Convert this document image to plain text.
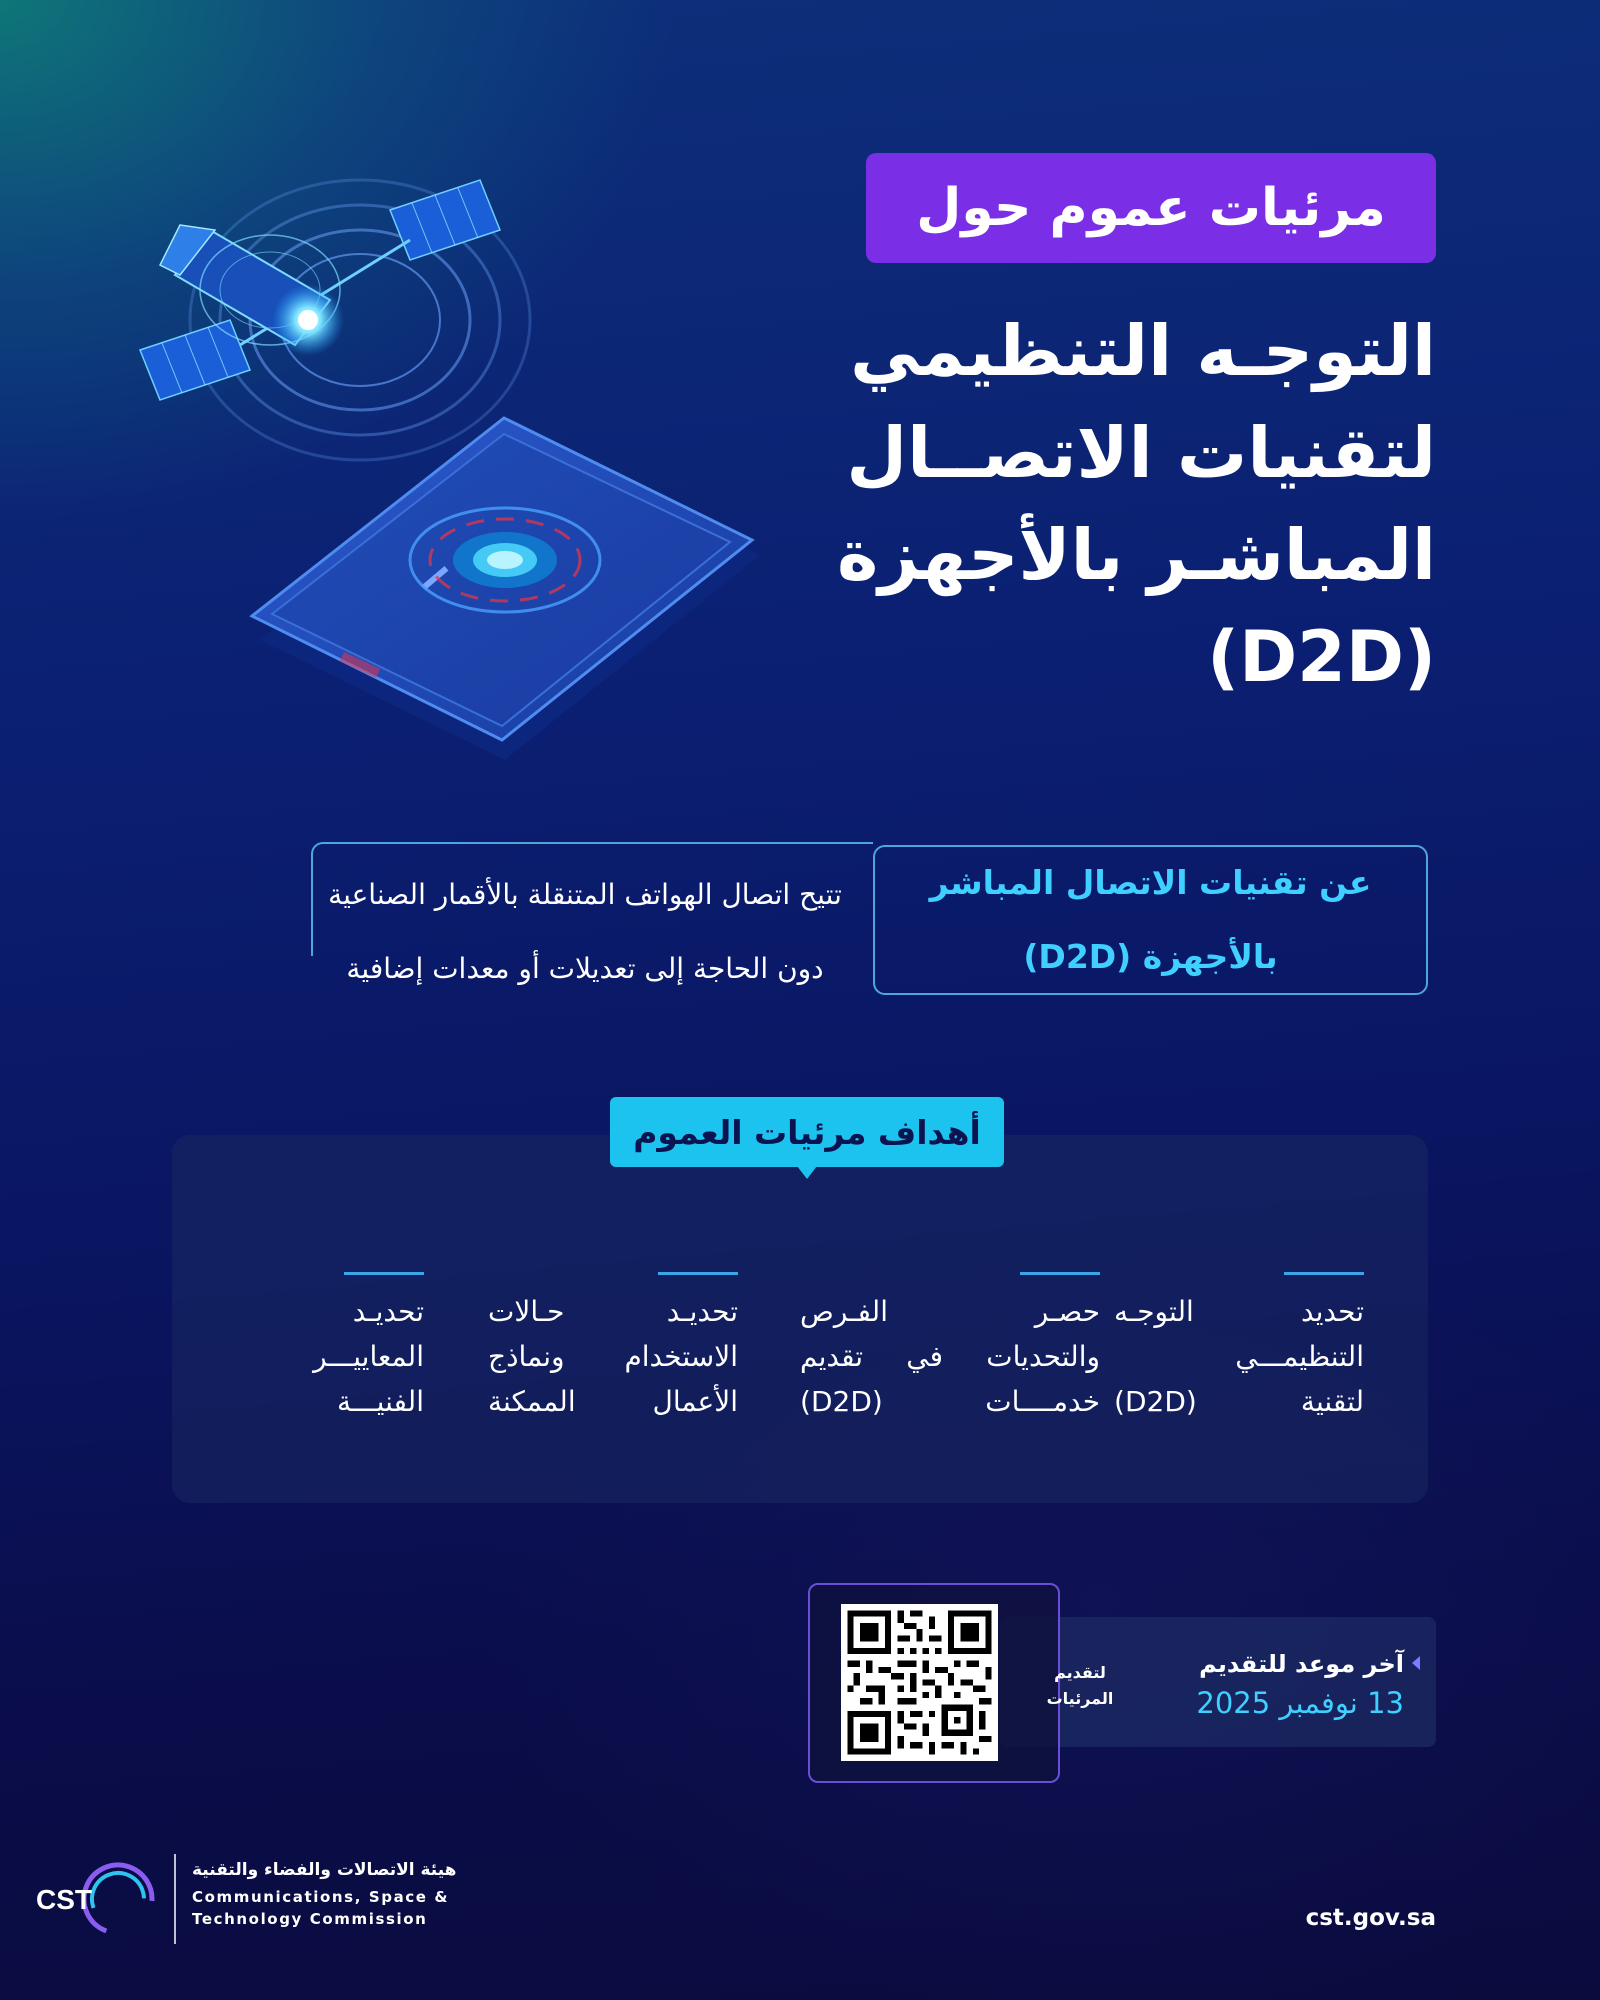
مرئيات عموم حول
التوجـه التنظيمي
لتقنيات الاتصــال
المباشـر بالأجهزة
(D2D)
تتيح اتصال الهواتف المتنقلة بالأقمار الصناعية
دون الحاجة إلى تعديلات أو معدات إضافية
عن تقنيات الاتصال المباشر
بالأجهزة (D2D)
أهداف مرئيات العموم
تحديد التوجـه
التنظيمـــي
لتقنية (D2D)
حصـر الفـرص
والتحديات في تقديم
خدمــــات (D2D)
تحديـد حـالات
الاستخدام ونماذج
الأعمال الممكنة
تحديـد
المعاييـــر
الفنيـــة
آخر موعد للتقديم
13 نوفمبر 2025
لتقديم
المرئيات
CST
هيئة الاتصالات والفضاء والتقنية
Communications, Space &
Technology Commission	cst.gov.sa
